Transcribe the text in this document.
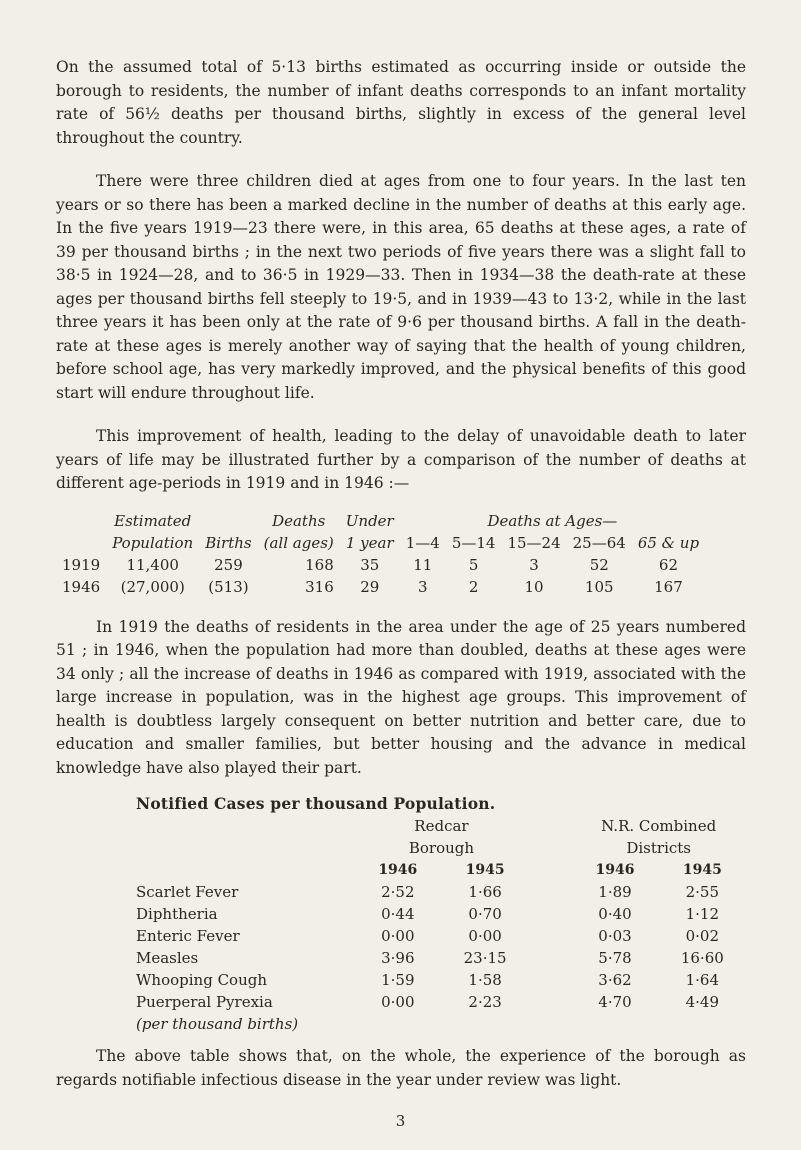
On the assumed total of 5·13 births estimated as occurring inside or outside the borough to residents, the number of infant deaths corresponds to an infant mortality rate of 56½ deaths per thousand births, slightly in excess of the general level throughout the country.

There were three children died at ages from one to four years. In the last ten years or so there has been a marked decline in the number of deaths at this early age. In the five years 1919—23 there were, in this area, 65 deaths at these ages, a rate of 39 per thousand births ; in the next two periods of five years there was a slight fall to 38·5 in 1924—28, and to 36·5 in 1929—33. Then in 1934—38 the death-rate at these ages per thousand births fell steeply to 19·5, and in 1939—43 to 13·2, while in the last three years it has been only at the rate of 9·6 per thousand births. A fall in the death-rate at these ages is merely another way of saying that the health of young children, before school age, has very markedly improved, and the physical benefits of this good start will endure throughout life.

This improvement of health, leading to the delay of unavoidable death to later years of life may be illustrated further by a comparison of the number of deaths at different age-periods in 1919 and in 1946 :—

	Estimated		Deaths	Under	Deaths at Ages—				
	Population	Births	(all ages)	1 year	1—4	5—14	15—24	25—64	65 & up
1919	11,400	259	168	35	11	5	3	52	62
1946	(27,000)	(513)	316	29	3	2	10	105	167

In 1919 the deaths of residents in the area under the age of 25 years numbered 51 ; in 1946, when the population had more than doubled, deaths at these ages were 34 only ; all the increase of deaths in 1946 as compared with 1919, associated with the large increase in population, was in the highest age groups. This improvement of health is doubtless largely consequent on better nutrition and better care, due to education and smaller families, but better housing and the advance in medical knowledge have also played their part.

Notified Cases per thousand Population.
	Redcar			N.R. Combined	
	Borough			Districts	
	1946	1945		1946	1945
Scarlet Fever	2·52	1·66		1·89	2·55
Diphtheria	0·44	0·70		0·40	1·12
Enteric Fever	0·00	0·00		0·03	0·02
Measles	3·96	23·15		5·78	16·60
Whooping Cough	1·59	1·58		3·62	1·64
Puerperal Pyrexia	0·00	2·23		4·70	4·49
(per thousand births)					

The above table shows that, on the whole, the experience of the borough as regards notifiable infectious disease in the year under review was light.

3
